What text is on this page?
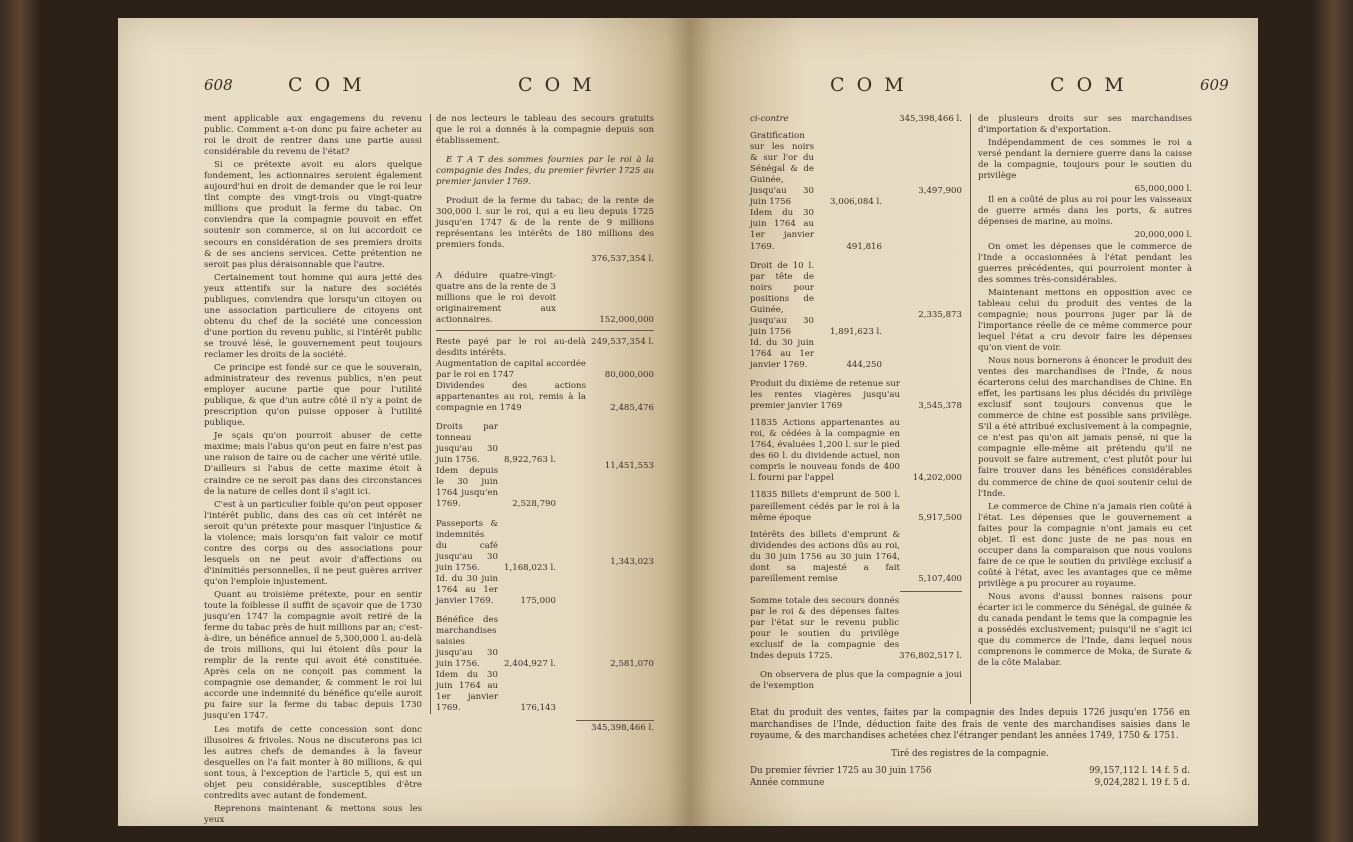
608	C O M	C O M

ment applicable aux engagemens du revenu public. Comment a-t-on donc pu faire acheter au roi le droit de rentrer dans une partie aussi considérable du revenu de l'état?

Si ce prétexte avoit eu alors quelque fondement, les actionnaires seroient également aujourd'hui en droit de demander que le roi leur tînt compte des vingt-trois ou vingt-quatre millions que produit la ferme du tabac. On conviendra que la compagnie pouvoit en effet soutenir son commerce, si on lui accordoit ce secours en considération de ses premiers droits & de ses anciens services. Cette prétention ne seroit pas plus déraisonnable que l'autre.

Certainement tout homme qui aura jetté des yeux attentifs sur la nature des sociétés publiques, conviendra que lorsqu'un citoyen ou une association particuliere de citoyens ont obtenu du chef de la société une concession d'une portion du revenu public, si l'intérêt public se trouvé lésé, le gouvernement peut toujours reclamer les droits de la société.

Ce principe est fondé sur ce que le souverain, administrateur des revenus publics, n'en peut employer aucune partie que pour l'utilité publique, & que d'un autre côté il n'y a point de prescription qu'on puisse opposer à l'utilité publique.

Je sçais qu'on pourroit abuser de cette maxime; mais l'abus qu'on peut en faire n'est pas une raison de taire ou de cacher une vérité utile. D'ailleurs si l'abus de cette maxime étoit à craindre ce ne seroit pas dans des circonstances de la nature de celles dont il s'agit ici.

C'est à un particulier foible qu'on peut opposer l'intérêt public, dans des cas où cet intérêt ne seroit qu'un prétexte pour masquer l'injustice & la violence; mais lorsqu'on fait valoir ce motif contre des corps ou des associations pour lesquels on ne peut avoir d'affections ou d'inimitiés personnelles, il ne peut guères arriver qu'on l'emploie injustement.

Quant au troisième prétexte, pour en sentir toute la foiblesse il suffit de sçavoir que de 1730 jusqu'en 1747 la compagnie avoit retiré de la ferme du tabac près de huit millions par an; c'est-à-dire, un bénéfice annuel de 5,300,000 l. au-delà de trois millions, qui lui étoient dûs pour la remplir de la rente qui avoit été constituée. Après cela on ne conçoit pas comment la compagnie ose demander, & comment le roi lui accorde une indemnité du bénéfice qu'elle auroit pu faire sur la ferme du tabac depuis 1730 jusqu'en 1747.

Les motifs de cette concession sont donc illusoires & frivoles. Nous ne discuterons pas ici les autres chefs de demandes à la faveur desquelles on l'a fait monter à 80 millions, & qui sont tous, à l'exception de l'article 5, qui est un objet peu considérable, susceptibles d'être contredits avec autant de fondement.

Reprenons maintenant & mettons sous les yeux

de nos lecteurs le tableau des secours gratuits que le roi a donnés à la compagnie depuis son établissement.

E T A T des sommes fournies par le roi à la compagnie des Indes, du premier février 1725 au premier janvier 1769.

Produit de la ferme du tabac; de la rente de 300,000 l. sur le roi, qui a eu lieu depuis 1725 jusqu'en 1747 & de la rente de 9 millions représentans les intérêts de 180 millions des premiers fonds.

376,537,354 l.
A déduire quatre-vingt-quatre ans de la rente de 3 millions que le roi devoit originairement aux actionnaires.	152,000,000
Reste payé par le roi au-delà desdits intérêts.
249,537,354 l.
Augmentation de capital accordée par le roi en 1747	80,000,000
Dividendes des actions appartenantes au roi, remis à la compagnie en 1749	2,485,476
Droits par tonneau jusqu'au 30 juin 1756.	8,922,763 l.
Idem depuis le 30 juin 1764 jusqu'en 1769.	2,528,790
11,451,553
Passeports & indemnités du café jusqu'au 30 juin 1756.	1,168,023 l.
Id. du 30 juin 1764 au 1er janvier 1769.	175,000
1,343,023
Bénéfice des marchandises saisies jusqu'au 30 juin 1756.	2,404,927 l.
Idem du 30 juin 1764 au 1er janvier 1769.	176,143
2,581,070
345,398,466 l.
C O M	C O M	609
ci-contre	345,398,466 l.
Gratification sur les noirs & sur l'or du Sénégal & de Guinée, jusqu'au 30 juin 1756	3,006,084 l.
Idem du 30 juin 1764 au 1er janvier 1769.	491,816
3,497,900
Droit de 10 l. par tête de noirs pour positions de Guinée, jusqu'au 30 juin 1756	1,891,623 l.
Id. du 30 juin 1764 au 1er janvier 1769.	444,250
2,335,873
Produit du dixième de retenue sur les rentes viagères jusqu'au premier janvier 1769	3,545,378
11835 Actions appartenantes au roi, & cédées à la compagnie en 1764, évaluées 1,200 l. sur le pied des 60 l. du dividende actuel, non compris le nouveau fonds de 400 l. fourni par l'appel	14,202,000
11835 Billets d'emprunt de 500 l. pareillement cédés par le roi à la même époque	5,917,500
Intérêts des billets d'emprunt & dividendes des actions dûs au roi, du 30 juin 1756 au 30 juin 1764, dont sa majesté a fait pareillement remise	5,107,400
Somme totale des secours donnés par le roi & des dépenses faites par l'état sur le revenu public pour le soutien du privilège exclusif de la compagnie des Indes depuis 1725.	376,802,517 l.

On observera de plus que la compagnie a joui de l'exemption

de plusieurs droits sur ses marchandises d'importation & d'exportation.

Indépendamment de ces sommes le roi a versé pendant la derniere guerre dans la caisse de la compagnie, toujours pour le soutien du privilège

65,000,000 l.

Il en a coûté de plus au roi pour les vaisseaux de guerre armés dans les ports, & autres dépenses de marine, au moins.

20,000,000 l.

On omet les dépenses que le commerce de l'Inde a occasionnées à l'état pendant les guerres précédentes, qui pourroient monter à des sommes très-considérables.

Maintenant mettons en opposition avec ce tableau celui du produit des ventes de la compagnie; nous pourrons juger par là de l'importance réelle de ce même commerce pour lequel l'état a cru devoir faire les dépenses qu'on vient de voir.

Nous nous bornerons à énoncer le produit des ventes des marchandises de l'Inde, & nous écarterons celui des marchandises de Chine. En effet, les partisans les plus décidés du privilège exclusif sont toujours convenus que le commerce de chine est possible sans privilège. S'il a été attribué exclusivement à la compagnie, ce n'est pas qu'on ait jamais pensé, ni que la compagnie elle-même ait prétendu qu'il ne pouvoit se faire autrement, c'est plutôt pour lui faire trouver dans les bénéfices considérables du commerce de chine de quoi soutenir celui de l'Inde.

Le commerce de Chine n'a jamais rien coûté à l'état. Les dépenses que le gouvernement a faites pour la compagnie n'ont jamais eu cet objet. Il est donc juste de ne pas nous en occuper dans la comparaison que nous voulons faire de ce que le soutien du privilège exclusif a coûté à l'état, avec les avantages que ce même privilège a pu procurer au royaume.

Nous avons d'aussi bonnes raisons pour écarter ici le commerce du Sénégal, de guinée & du canada pendant le tems que la compagnie les a possédés exclusivement; puisqu'il ne s'agit ici que du commerce de l'Inde, dans lequel nous comprenons le commerce de Moka, de Surate & de la côte Malabar.

Etat du produit des ventes, faites par la compagnie des Indes depuis 1726 jusqu'en 1756 en marchandises de l'Inde, déduction faite des frais de vente des marchandises saisies dans le royaume, & des marchandises achetées chez l'étranger pendant les années 1749, 1750 & 1751.

Tiré des registres de la compagnie.

Du premier février 1725 au 30 juin 1756	99,157,112 l. 14 f. 5 d.
Année commune	9,024,282 l. 19 f. 5 d.
